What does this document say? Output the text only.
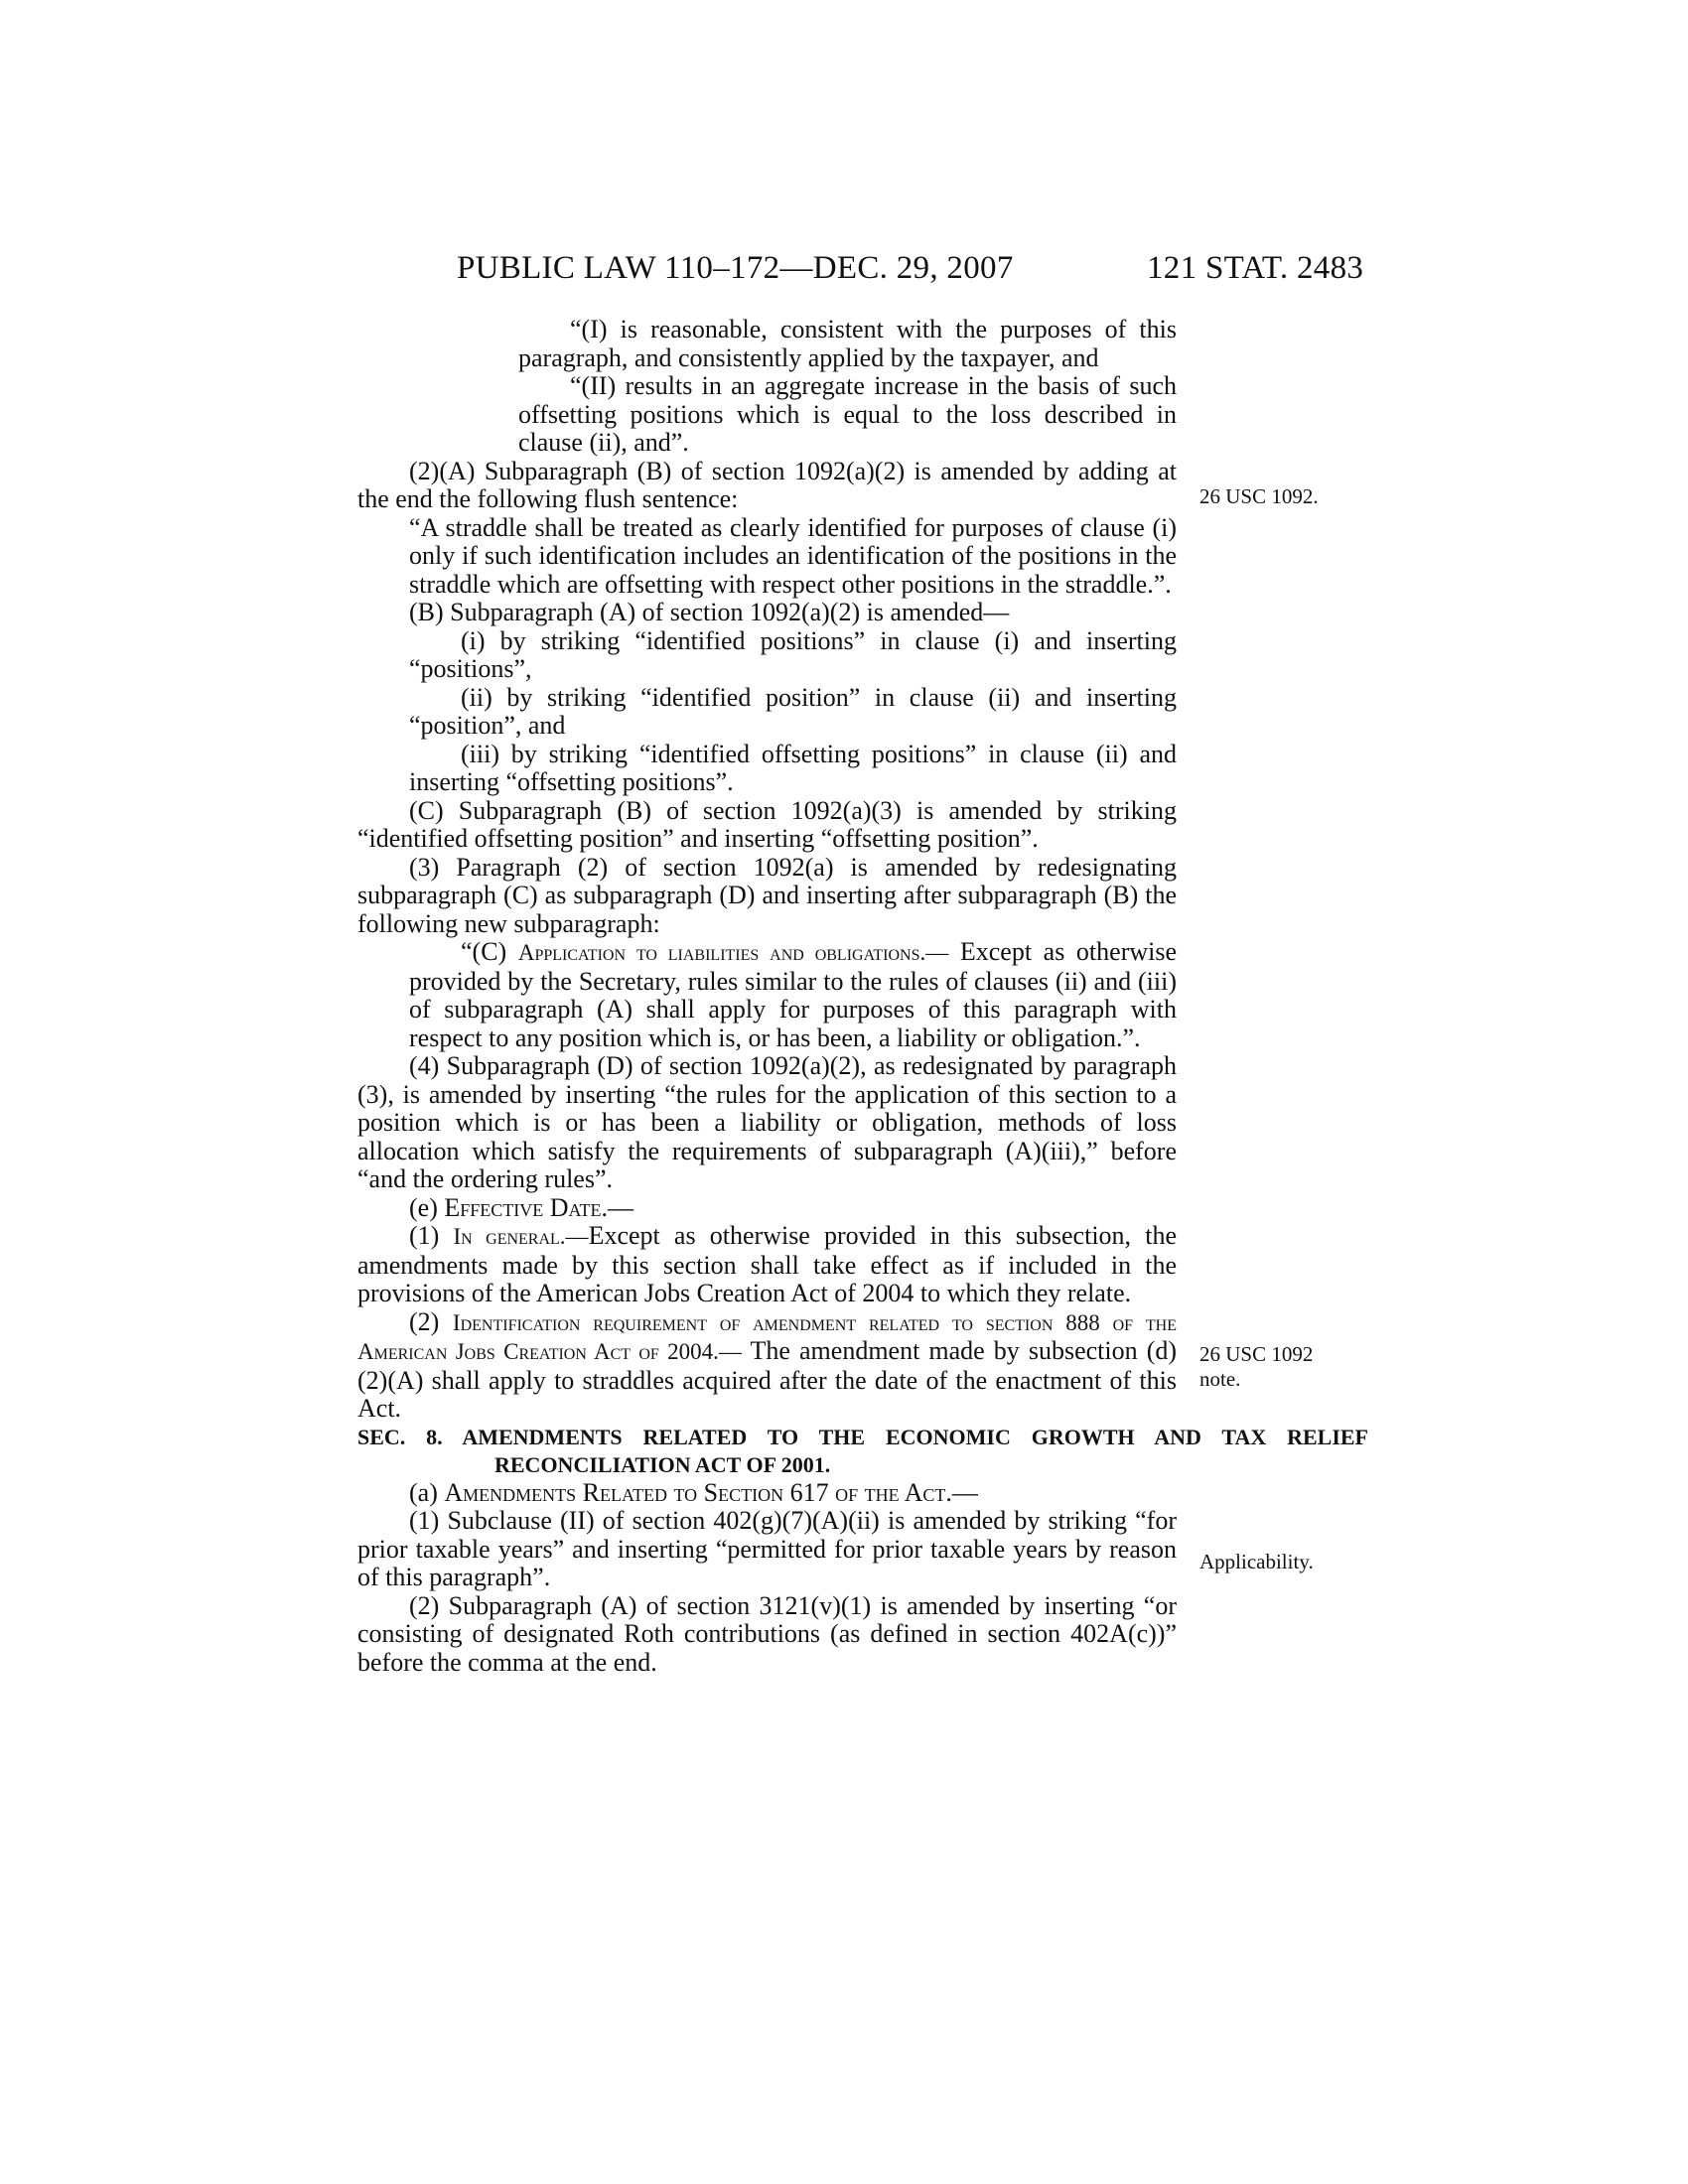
PUBLIC LAW 110–172—DEC. 29, 2007	121 STAT. 2483
26 USC 1092.
26 USC 1092
note.
Applicability.

“(I) is reasonable, consistent with the purposes of this paragraph, and consistently applied by the taxpayer, and

“(II) results in an aggregate increase in the basis of such offsetting positions which is equal to the loss described in clause (ii), and”.

(2)(A) Subparagraph (B) of section 1092(a)(2) is amended by adding at the end the following flush sentence:

“A straddle shall be treated as clearly identified for purposes of clause (i) only if such identification includes an identification of the positions in the straddle which are offsetting with respect other positions in the straddle.”.

(B) Subparagraph (A) of section 1092(a)(2) is amended—

(i) by striking “identified positions” in clause (i) and inserting “positions”,

(ii) by striking “identified position” in clause (ii) and inserting “position”, and

(iii) by striking “identified offsetting positions” in clause (ii) and inserting “offsetting positions”.

(C) Subparagraph (B) of section 1092(a)(3) is amended by striking “identified offsetting position” and inserting “offsetting position”.

(3) Paragraph (2) of section 1092(a) is amended by redesignating subparagraph (C) as subparagraph (D) and inserting after subparagraph (B) the following new subparagraph:

“(C) Application to liabilities and obligations.— Except as otherwise provided by the Secretary, rules similar to the rules of clauses (ii) and (iii) of subparagraph (A) shall apply for purposes of this paragraph with respect to any position which is, or has been, a liability or obligation.”.

(4) Subparagraph (D) of section 1092(a)(2), as redesignated by paragraph (3), is amended by inserting “the rules for the application of this section to a position which is or has been a liability or obligation, methods of loss allocation which satisfy the requirements of subparagraph (A)(iii),” before “and the ordering rules”.

(e) Effective Date.—

(1) In general.—Except as otherwise provided in this subsection, the amendments made by this section shall take effect as if included in the provisions of the American Jobs Creation Act of 2004 to which they relate.

(2) Identification requirement of amendment related to section 888 of the American Jobs Creation Act of 2004.— The amendment made by subsection (d)(2)(A) shall apply to straddles acquired after the date of the enactment of this Act.

SEC. 8. AMENDMENTS RELATED TO THE ECONOMIC GROWTH AND TAX RELIEF RECONCILIATION ACT OF 2001.

(a) Amendments Related to Section 617 of the Act.—

(1) Subclause (II) of section 402(g)(7)(A)(ii) is amended by striking “for prior taxable years” and inserting “permitted for prior taxable years by reason of this paragraph”.

(2) Subparagraph (A) of section 3121(v)(1) is amended by inserting “or consisting of designated Roth contributions (as defined in section 402A(c))” before the comma at the end.
